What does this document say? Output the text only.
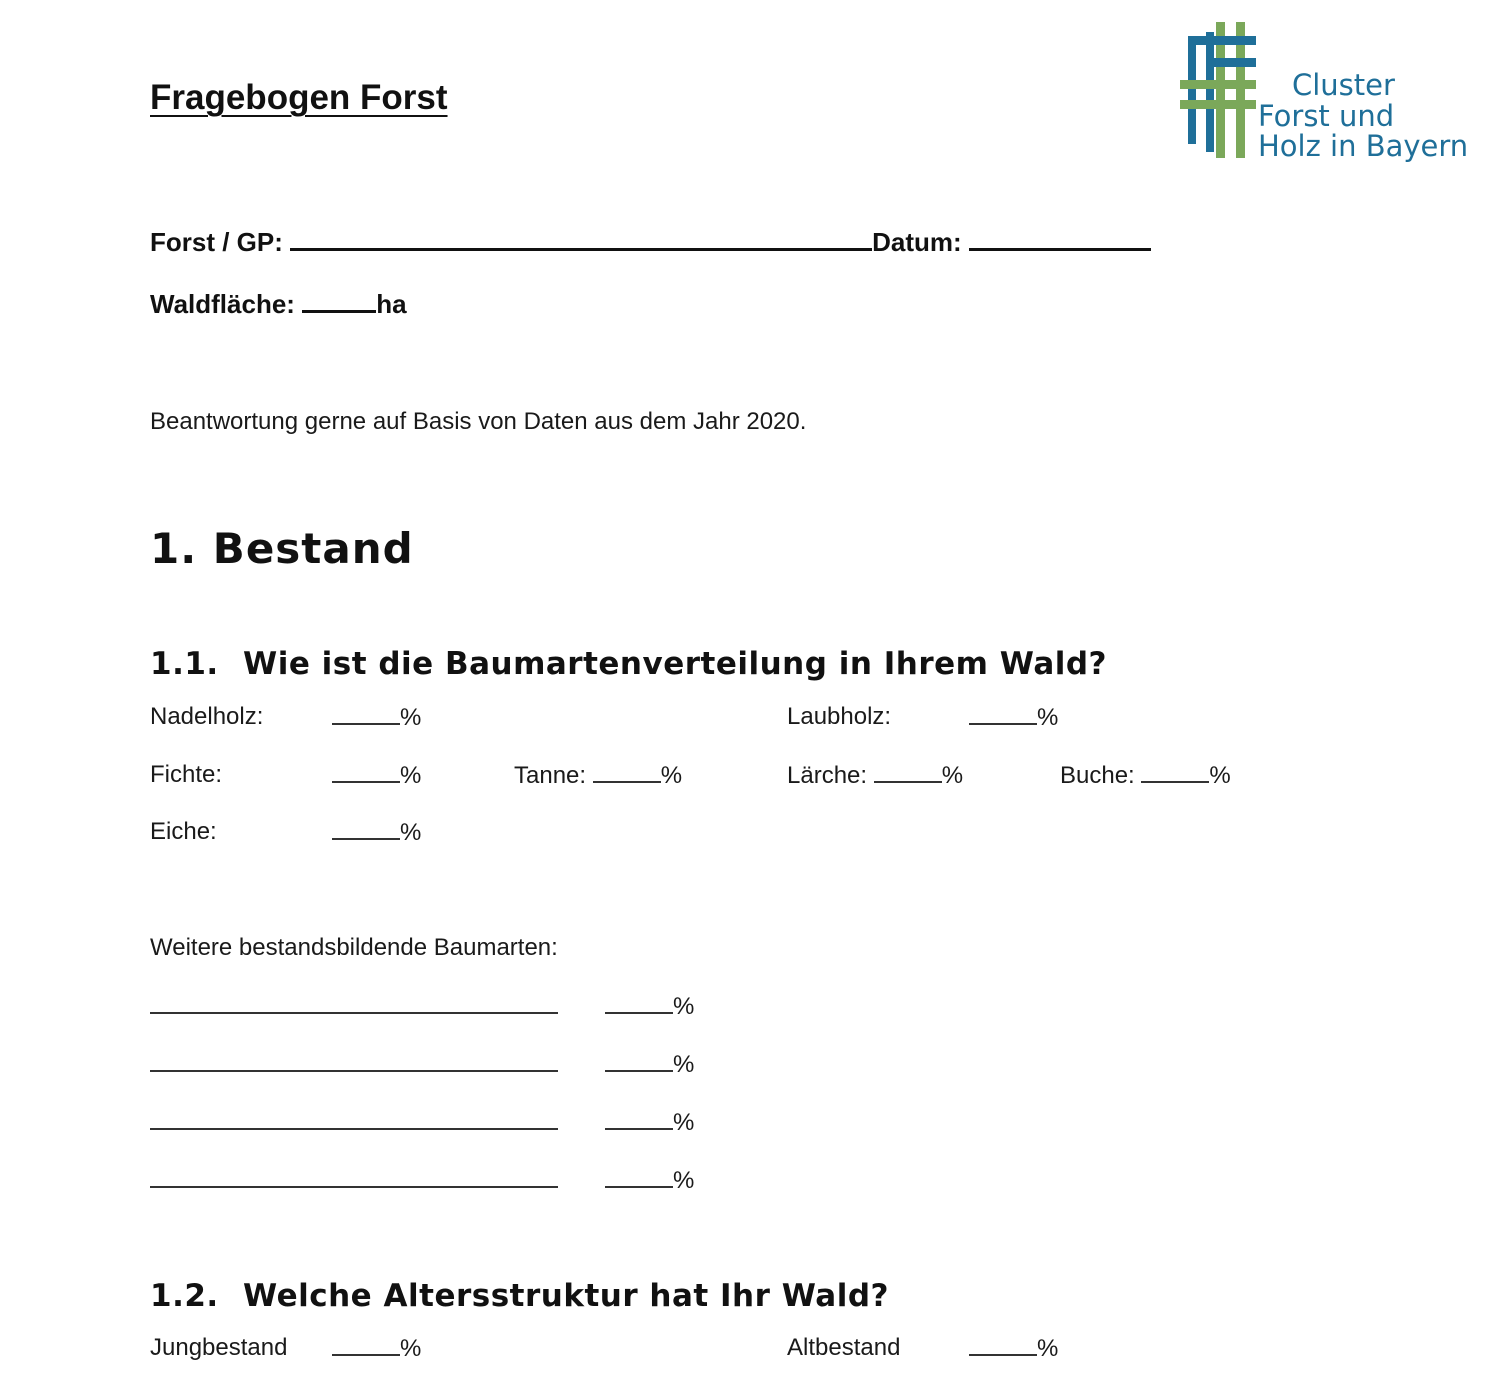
Fragebogen Forst	Cluster
Forst und
Holz in Bayern
Forst / GP:	Datum:
Waldfläche:	ha
Beantwortung gerne auf Basis von Daten aus dem Jahr 2020.
1. Bestand
1.1. Wie ist die Baumartenverteilung in Ihrem Wald?
Nadelholz:	%	Laubholz:	%
Fichte:	%	Tanne:	%	Lärche:	%	Buche:	%
Eiche:	%
Weitere bestandsbildende Baumarten:
%
%
%
%
1.2. Welche Altersstruktur hat Ihr Wald?
Jungbestand	%	Altbestand	%
